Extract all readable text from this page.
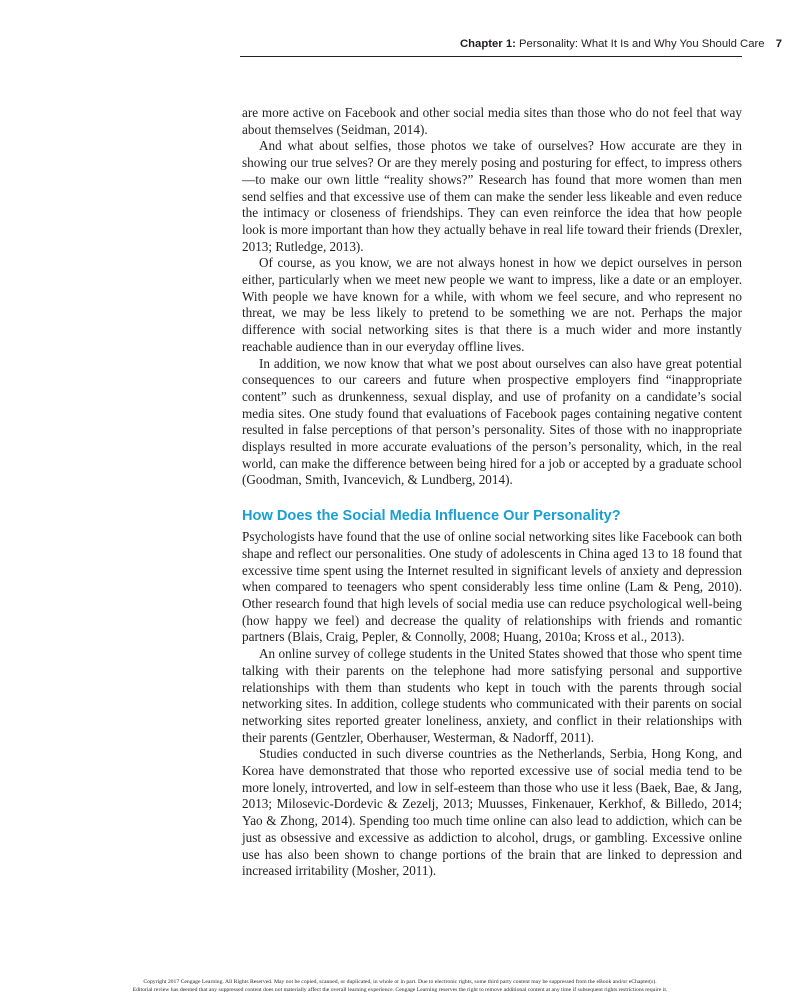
Chapter 1: Personality: What It Is and Why You Should Care 7

are more active on Facebook and other social media sites than those who do not feel that way about themselves (Seidman, 2014).

And what about selfies, those photos we take of ourselves? How accurate are they in showing our true selves? Or are they merely posing and posturing for effect, to impress others—to make our own little “reality shows?” Research has found that more women than men send selfies and that excessive use of them can make the sender less likeable and even reduce the intimacy or closeness of friendships. They can even reinforce the idea that how people look is more important than how they actually behave in real life toward their friends (Drexler, 2013; Rutledge, 2013).

Of course, as you know, we are not always honest in how we depict ourselves in person either, particularly when we meet new people we want to impress, like a date or an employer. With people we have known for a while, with whom we feel secure, and who represent no threat, we may be less likely to pretend to be something we are not. Perhaps the major difference with social networking sites is that there is a much wider and more instantly reachable audience than in our everyday offline lives.

In addition, we now know that what we post about ourselves can also have great potential consequences to our careers and future when prospective employers find “inappropriate content” such as drunkenness, sexual display, and use of profanity on a candidate’s social media sites. One study found that evaluations of Facebook pages containing negative content resulted in false perceptions of that person’s personality. Sites of those with no inappropriate displays resulted in more accurate evaluations of the person’s personality, which, in the real world, can make the difference between being hired for a job or accepted by a graduate school (Goodman, Smith, Ivancevich, & Lundberg, 2014).

How Does the Social Media Influence Our Personality?

Psychologists have found that the use of online social networking sites like Facebook can both shape and reflect our personalities. One study of adolescents in China aged 13 to 18 found that excessive time spent using the Internet resulted in significant levels of anxiety and depression when compared to teenagers who spent considerably less time online (Lam & Peng, 2010). Other research found that high levels of social media use can reduce psychological well-being (how happy we feel) and decrease the quality of relationships with friends and romantic partners (Blais, Craig, Pepler, & Connolly, 2008; Huang, 2010a; Kross et al., 2013).

An online survey of college students in the United States showed that those who spent time talking with their parents on the telephone had more satisfying personal and supportive relationships with them than students who kept in touch with the parents through social networking sites. In addition, college students who communicated with their parents on social networking sites reported greater loneliness, anxiety, and conflict in their relationships with their parents (Gentzler, Oberhauser, Westerman, & Nadorff, 2011).

Studies conducted in such diverse countries as the Netherlands, Serbia, Hong Kong, and Korea have demonstrated that those who reported excessive use of social media tend to be more lonely, introverted, and low in self-esteem than those who use it less (Baek, Bae, & Jang, 2013; Milosevic-Dordevic & Zezelj, 2013; Muusses, Finkenauer, Kerkhof, & Billedo, 2014; Yao & Zhong, 2014). Spending too much time online can also lead to addiction, which can be just as obsessive and excessive as addiction to alcohol, drugs, or gambling. Excessive online use has also been shown to change portions of the brain that are linked to depression and increased irritability (Mosher, 2011).

Copyright 2017 Cengage Learning. All Rights Reserved. May not be copied, scanned, or duplicated, in whole or in part. Due to electronic rights, some third party content may be suppressed from the eBook and/or eChapter(s).
Editorial review has deemed that any suppressed content does not materially affect the overall learning experience. Cengage Learning reserves the right to remove additional content at any time if subsequent rights restrictions require it.
